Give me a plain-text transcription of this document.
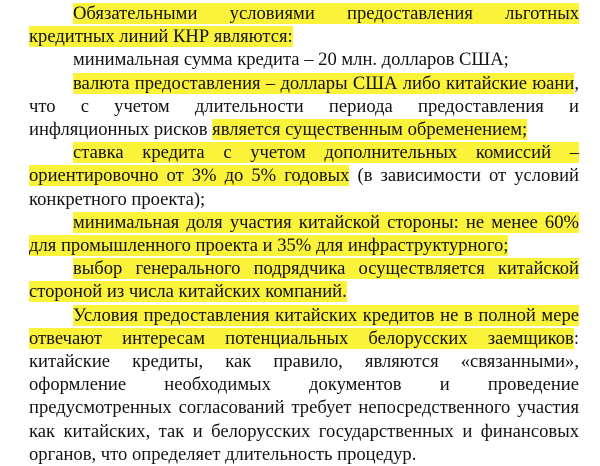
Обязательными условиями предоставления льготных кредитных линий КНР являются:

минимальная сумма кредита – 20 млн. долларов США;

валюта предоставления – доллары США либо китайские юани, что с учетом длительности периода предоставления и инфляционных рисков является существенным обременением;

ставка кредита с учетом дополнительных комиссий – ориентировочно от 3% до 5% годовых (в зависимости от условий конкретного проекта);

минимальная доля участия китайской стороны: не менее 60% для промышленного проекта и 35% для инфраструктурного;

выбор генерального подрядчика осуществляется китайской стороной из числа китайских компаний.

Условия предоставления китайских кредитов не в полной мере отвечают интересам потенциальных белорусских заемщиков: китайские кредиты, как правило, являются «связанными», оформление необходимых документов и проведение предусмотренных согласований требует непосредственного участия как китайских, так и белорусских государственных и финансовых органов, что определяет длительность процедур.
